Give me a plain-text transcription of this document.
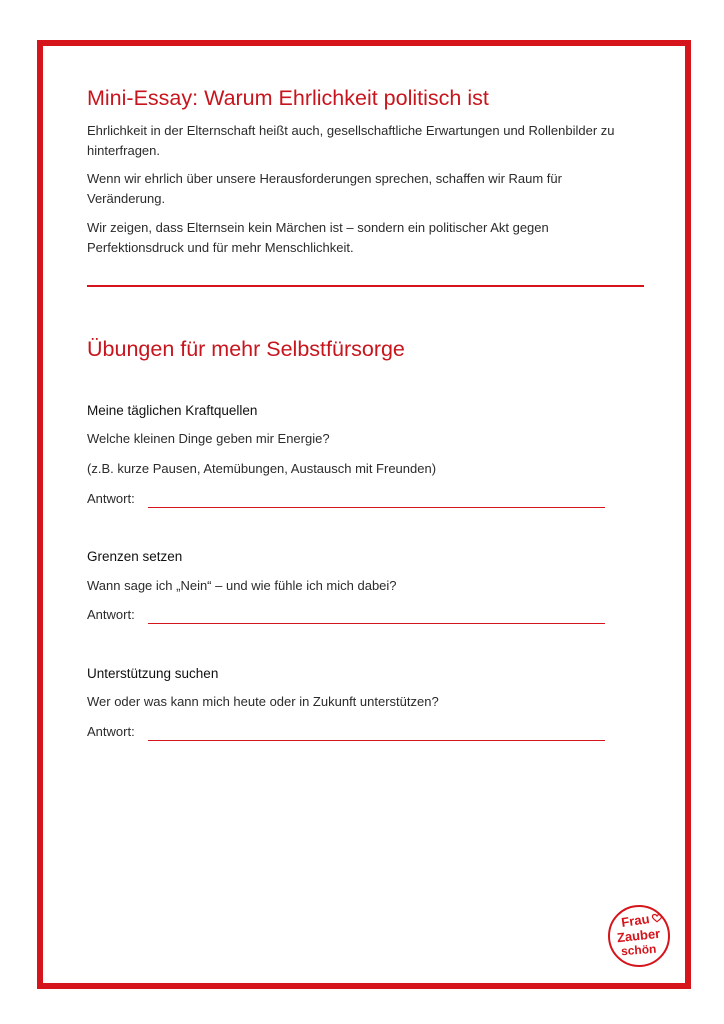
Mini-Essay: Warum Ehrlichkeit politisch ist
Ehrlichkeit in der Elternschaft heißt auch, gesellschaftliche Erwartungen und Rollenbilder zu hinterfragen.
Wenn wir ehrlich über unsere Herausforderungen sprechen, schaffen wir Raum für Veränderung.
Wir zeigen, dass Elternsein kein Märchen ist – sondern ein politischer Akt gegen Perfektionsdruck und für mehr Menschlichkeit.
Übungen für mehr Selbstfürsorge
Meine täglichen Kraftquellen
Welche kleinen Dinge geben mir Energie?
(z.B. kurze Pausen, Atemübungen, Austausch mit Freunden)
Antwort:
Grenzen setzen
Wann sage ich „Nein“ – und wie fühle ich mich dabei?
Antwort:
Unterstützung suchen
Wer oder was kann mich heute oder in Zukunft unterstützen?
Antwort:
Frau
Zauber
schön
